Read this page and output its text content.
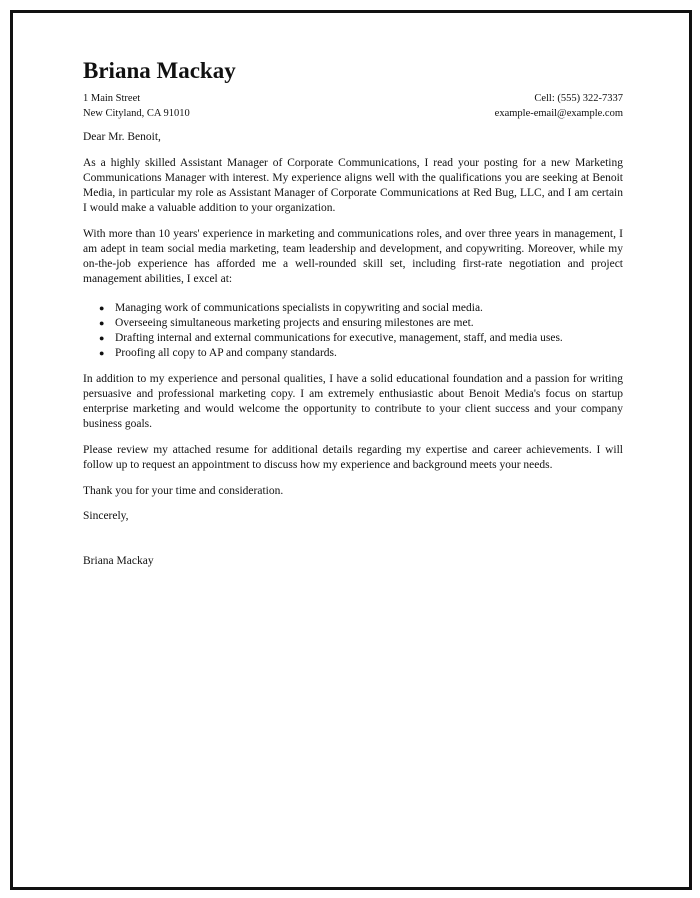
Briana Mackay
1 Main Street	Cell: (555) 322-7337
New Cityland, CA 91010	example-email@example.com

Dear Mr. Benoit,

As a highly skilled Assistant Manager of Corporate Communications, I read your posting for a new Marketing Communications Manager with interest. My experience aligns well with the qualifications you are seeking at Benoit Media, in particular my role as Assistant Manager of Corporate Communications at Red Bug, LLC, and I am certain I would make a valuable addition to your organization.

With more than 10 years' experience in marketing and communications roles, and over three years in management, I am adept in team social media marketing, team leadership and development, and copywriting. Moreover, while my on-the-job experience has afforded me a well-rounded skill set, including first-rate negotiation and project management abilities, I excel at:

● Managing work of communications specialists in copywriting and social media.
● Overseeing simultaneous marketing projects and ensuring milestones are met.
● Drafting internal and external communications for executive, management, staff, and media uses.
● Proofing all copy to AP and company standards.

In addition to my experience and personal qualities, I have a solid educational foundation and a passion for writing persuasive and professional marketing copy. I am extremely enthusiastic about Benoit Media's focus on startup enterprise marketing and would welcome the opportunity to contribute to your client success and your company business goals.

Please review my attached resume for additional details regarding my expertise and career achievements. I will follow up to request an appointment to discuss how my experience and background meets your needs.

Thank you for your time and consideration.

Sincerely,

Briana Mackay
